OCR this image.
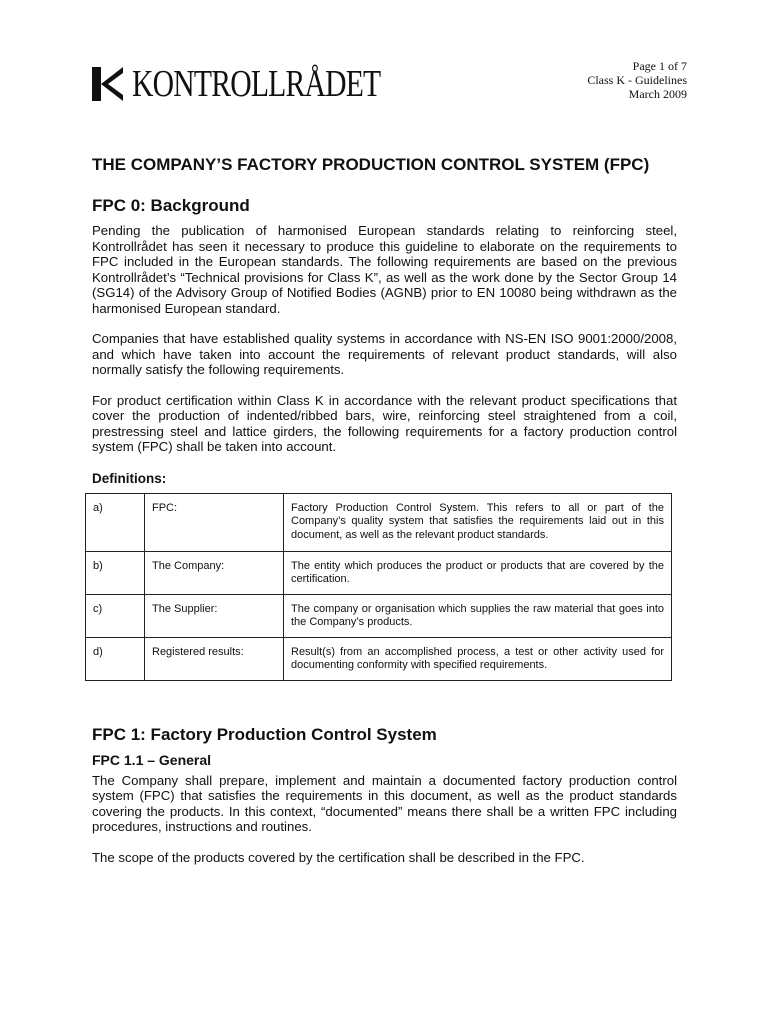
KONTROLLRÅDET	Page 1 of 7
Class K - Guidelines
March 2009
THE COMPANY’S FACTORY PRODUCTION CONTROL SYSTEM (FPC)
FPC 0: Background

Pending the publication of harmonised European standards relating to reinforcing steel, Kontrollrådet has seen it necessary to produce this guideline to elaborate on the requirements to FPC included in the European standards. The following requirements are based on the previous Kontrollrådet’s “Technical provisions for Class K”, as well as the work done by the Sector Group 14 (SG14) of the Advisory Group of Notified Bodies (AGNB) prior to EN 10080 being withdrawn as the harmonised European standard.

Companies that have established quality systems in accordance with NS-EN ISO 9001:2000/2008, and which have taken into account the requirements of relevant product standards, will also normally satisfy the following requirements.

For product certification within Class K in accordance with the relevant product specifications that cover the production of indented/ribbed bars, wire, reinforcing steel straightened from a coil, prestressing steel and lattice girders, the following requirements for a factory production control system (FPC) shall be taken into account.

Definitions:
a)	FPC:	Factory Production Control System. This refers to all or part of the Company’s quality system that satisfies the requirements laid out in this document, as well as the relevant product standards.
b)	The Company:	The entity which produces the product or products that are covered by the certification.
c)	The Supplier:	The company or organisation which supplies the raw material that goes into the Company’s products.
d)	Registered results:	Result(s) from an accomplished process, a test or other activity used for documenting conformity with specified requirements.
FPC 1: Factory Production Control System
FPC 1.1 – General

The Company shall prepare, implement and maintain a documented factory production control system (FPC) that satisfies the requirements in this document, as well as the product standards covering the products. In this context, “documented” means there shall be a written FPC including procedures, instructions and routines.

The scope of the products covered by the certification shall be described in the FPC.
